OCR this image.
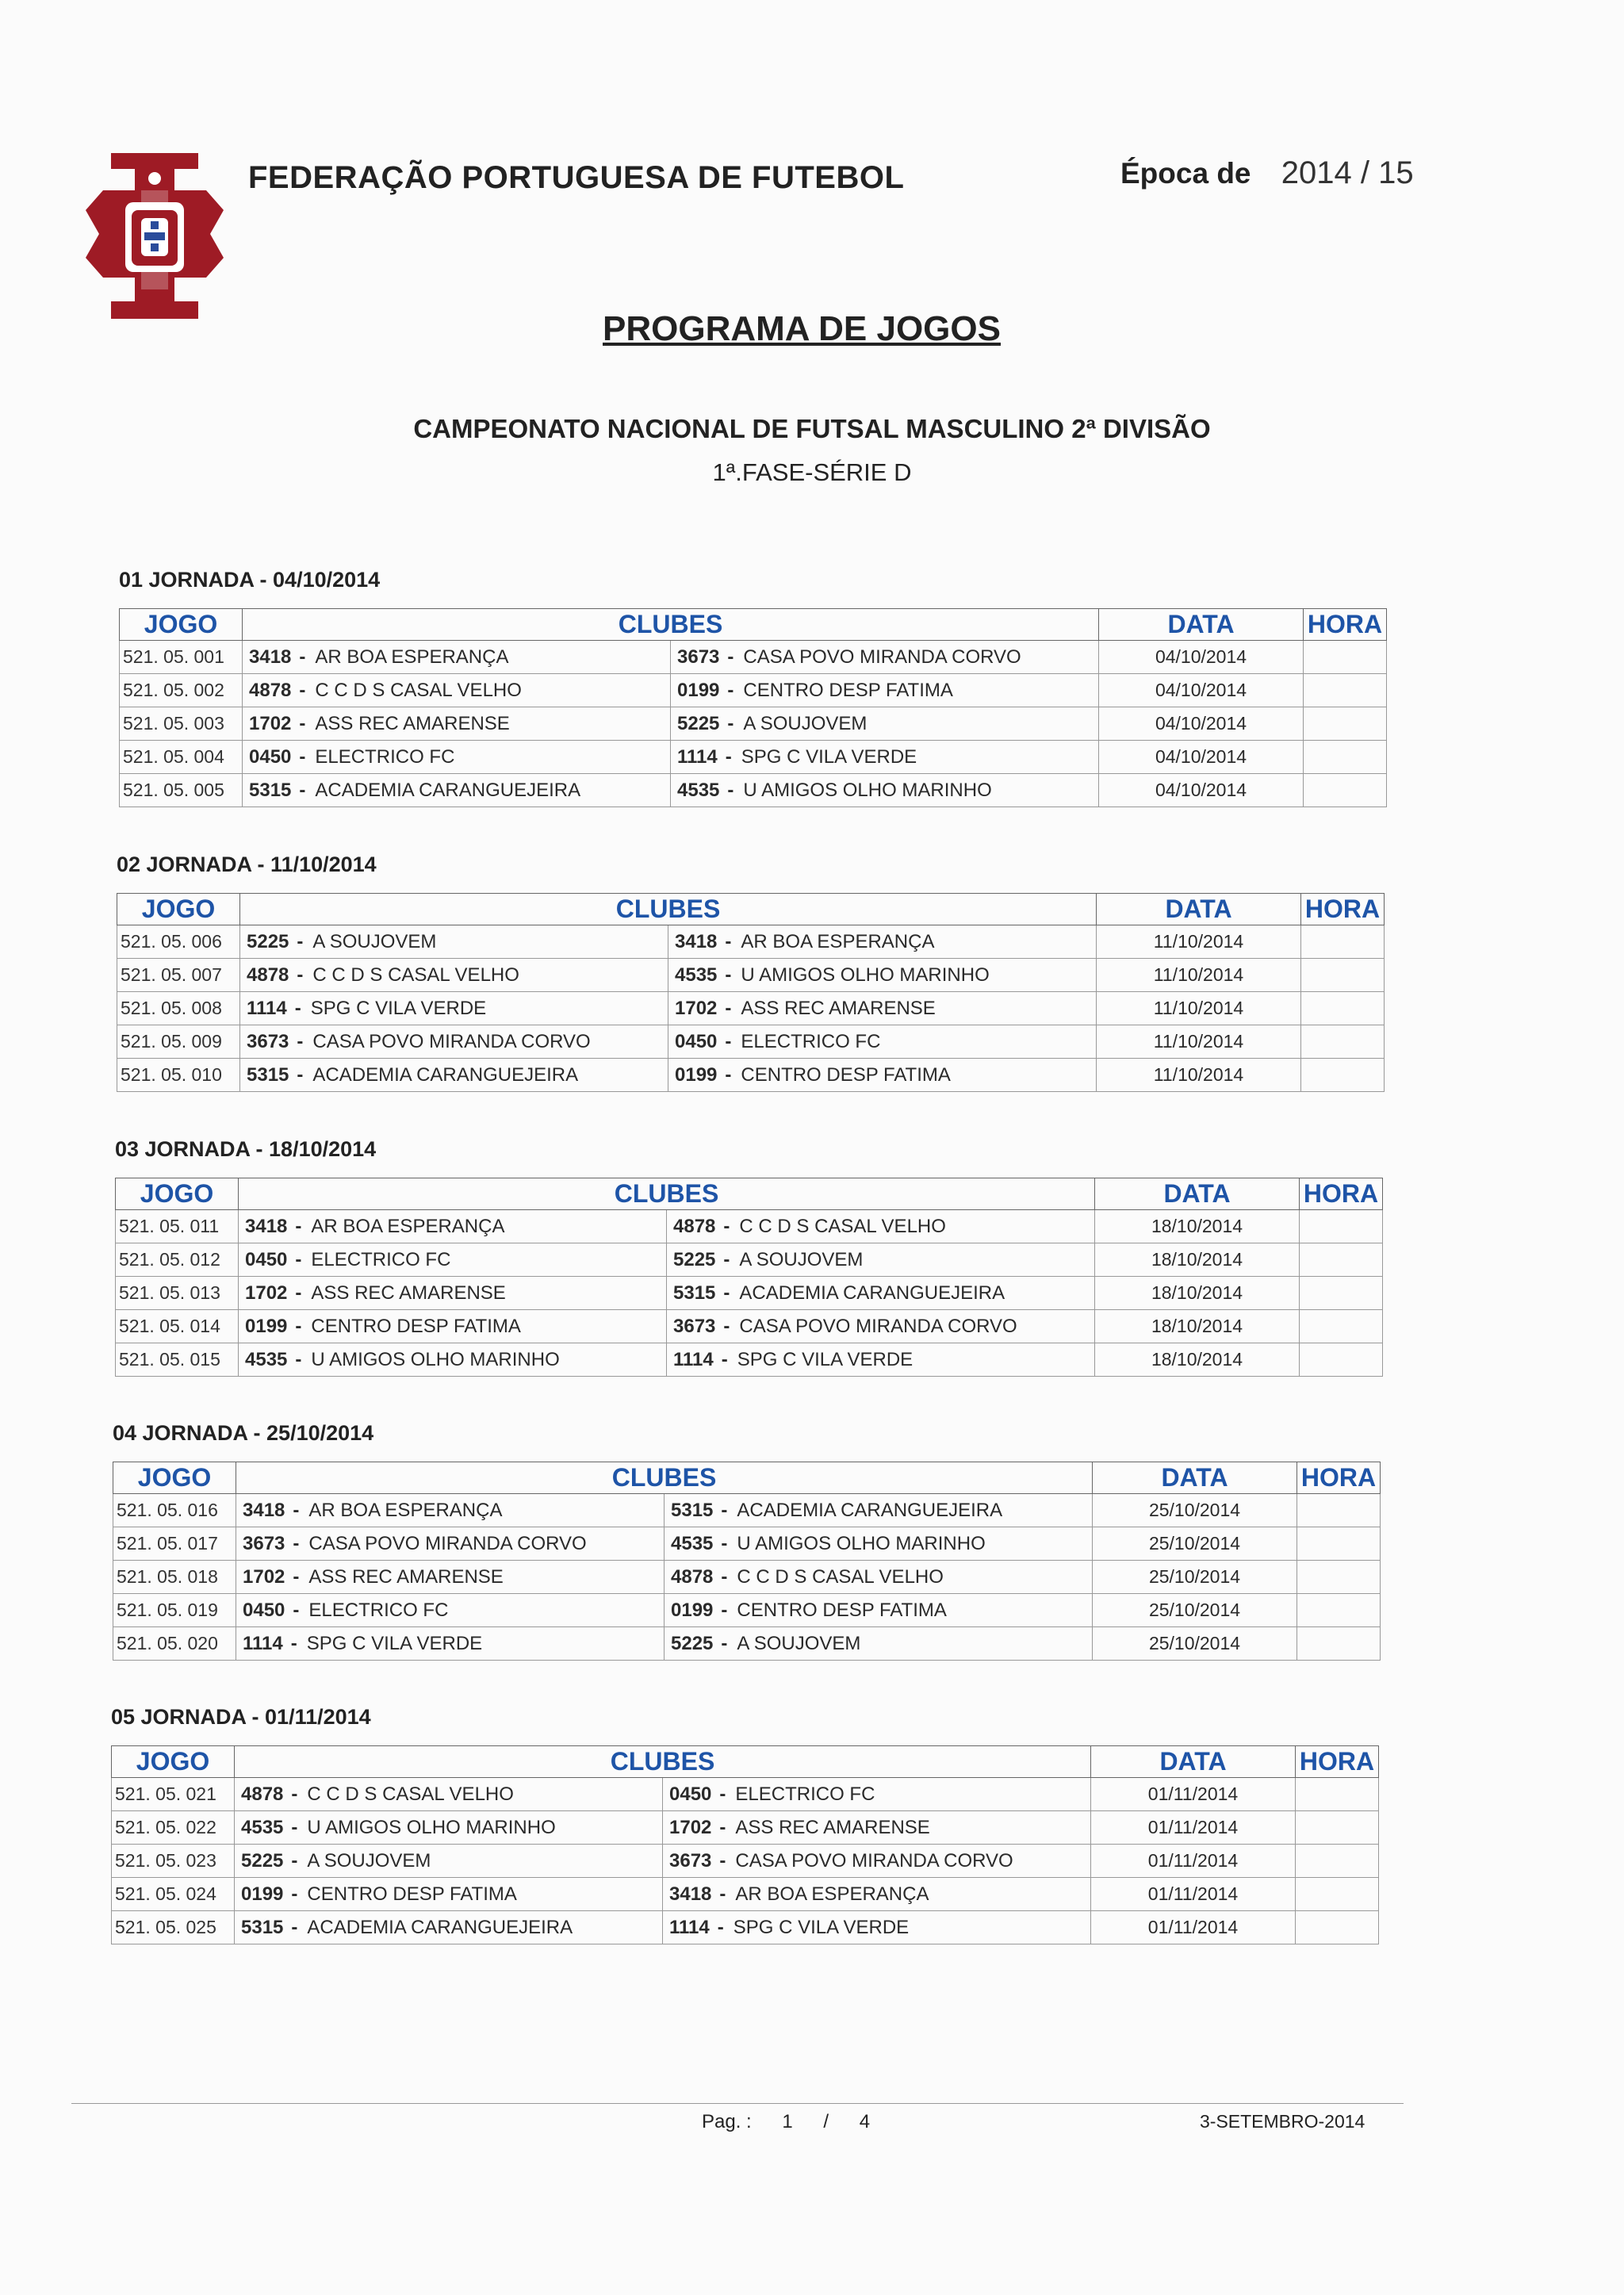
FEDERAÇÃO PORTUGUESA DE FUTEBOL	Época de 2014 / 15
PROGRAMA DE JOGOS
CAMPEONATO NACIONAL DE FUTSAL MASCULINO 2ª DIVISÃO
1ª.FASE-SÉRIE D
01 JORNADA - 04/10/2014
JOGO	CLUBES		DATA	HORA
521. 05. 001	3418 - AR BOA ESPERANÇA	3673 - CASA POVO MIRANDA CORVO	04/10/2014	
521. 05. 002	4878 - C C D S CASAL VELHO	0199 - CENTRO DESP FATIMA	04/10/2014	
521. 05. 003	1702 - ASS REC AMARENSE	5225 - A SOUJOVEM	04/10/2014	
521. 05. 004	0450 - ELECTRICO FC	1114 - SPG C VILA VERDE	04/10/2014	
521. 05. 005	5315 - ACADEMIA CARANGUEJEIRA	4535 - U AMIGOS OLHO MARINHO	04/10/2014	
02 JORNADA - 11/10/2014
JOGO	CLUBES		DATA	HORA
521. 05. 006	5225 - A SOUJOVEM	3418 - AR BOA ESPERANÇA	11/10/2014	
521. 05. 007	4878 - C C D S CASAL VELHO	4535 - U AMIGOS OLHO MARINHO	11/10/2014	
521. 05. 008	1114 - SPG C VILA VERDE	1702 - ASS REC AMARENSE	11/10/2014	
521. 05. 009	3673 - CASA POVO MIRANDA CORVO	0450 - ELECTRICO FC	11/10/2014	
521. 05. 010	5315 - ACADEMIA CARANGUEJEIRA	0199 - CENTRO DESP FATIMA	11/10/2014	
03 JORNADA - 18/10/2014
JOGO	CLUBES		DATA	HORA
521. 05. 011	3418 - AR BOA ESPERANÇA	4878 - C C D S CASAL VELHO	18/10/2014	
521. 05. 012	0450 - ELECTRICO FC	5225 - A SOUJOVEM	18/10/2014	
521. 05. 013	1702 - ASS REC AMARENSE	5315 - ACADEMIA CARANGUEJEIRA	18/10/2014	
521. 05. 014	0199 - CENTRO DESP FATIMA	3673 - CASA POVO MIRANDA CORVO	18/10/2014	
521. 05. 015	4535 - U AMIGOS OLHO MARINHO	1114 - SPG C VILA VERDE	18/10/2014	
04 JORNADA - 25/10/2014
JOGO	CLUBES		DATA	HORA
521. 05. 016	3418 - AR BOA ESPERANÇA	5315 - ACADEMIA CARANGUEJEIRA	25/10/2014	
521. 05. 017	3673 - CASA POVO MIRANDA CORVO	4535 - U AMIGOS OLHO MARINHO	25/10/2014	
521. 05. 018	1702 - ASS REC AMARENSE	4878 - C C D S CASAL VELHO	25/10/2014	
521. 05. 019	0450 - ELECTRICO FC	0199 - CENTRO DESP FATIMA	25/10/2014	
521. 05. 020	1114 - SPG C VILA VERDE	5225 - A SOUJOVEM	25/10/2014	
05 JORNADA - 01/11/2014
JOGO	CLUBES		DATA	HORA
521. 05. 021	4878 - C C D S CASAL VELHO	0450 - ELECTRICO FC	01/11/2014	
521. 05. 022	4535 - U AMIGOS OLHO MARINHO	1702 - ASS REC AMARENSE	01/11/2014	
521. 05. 023	5225 - A SOUJOVEM	3673 - CASA POVO MIRANDA CORVO	01/11/2014	
521. 05. 024	0199 - CENTRO DESP FATIMA	3418 - AR BOA ESPERANÇA	01/11/2014	
521. 05. 025	5315 - ACADEMIA CARANGUEJEIRA	1114 - SPG C VILA VERDE	01/11/2014	
Pag. : 1 / 4	3-SETEMBRO-2014
